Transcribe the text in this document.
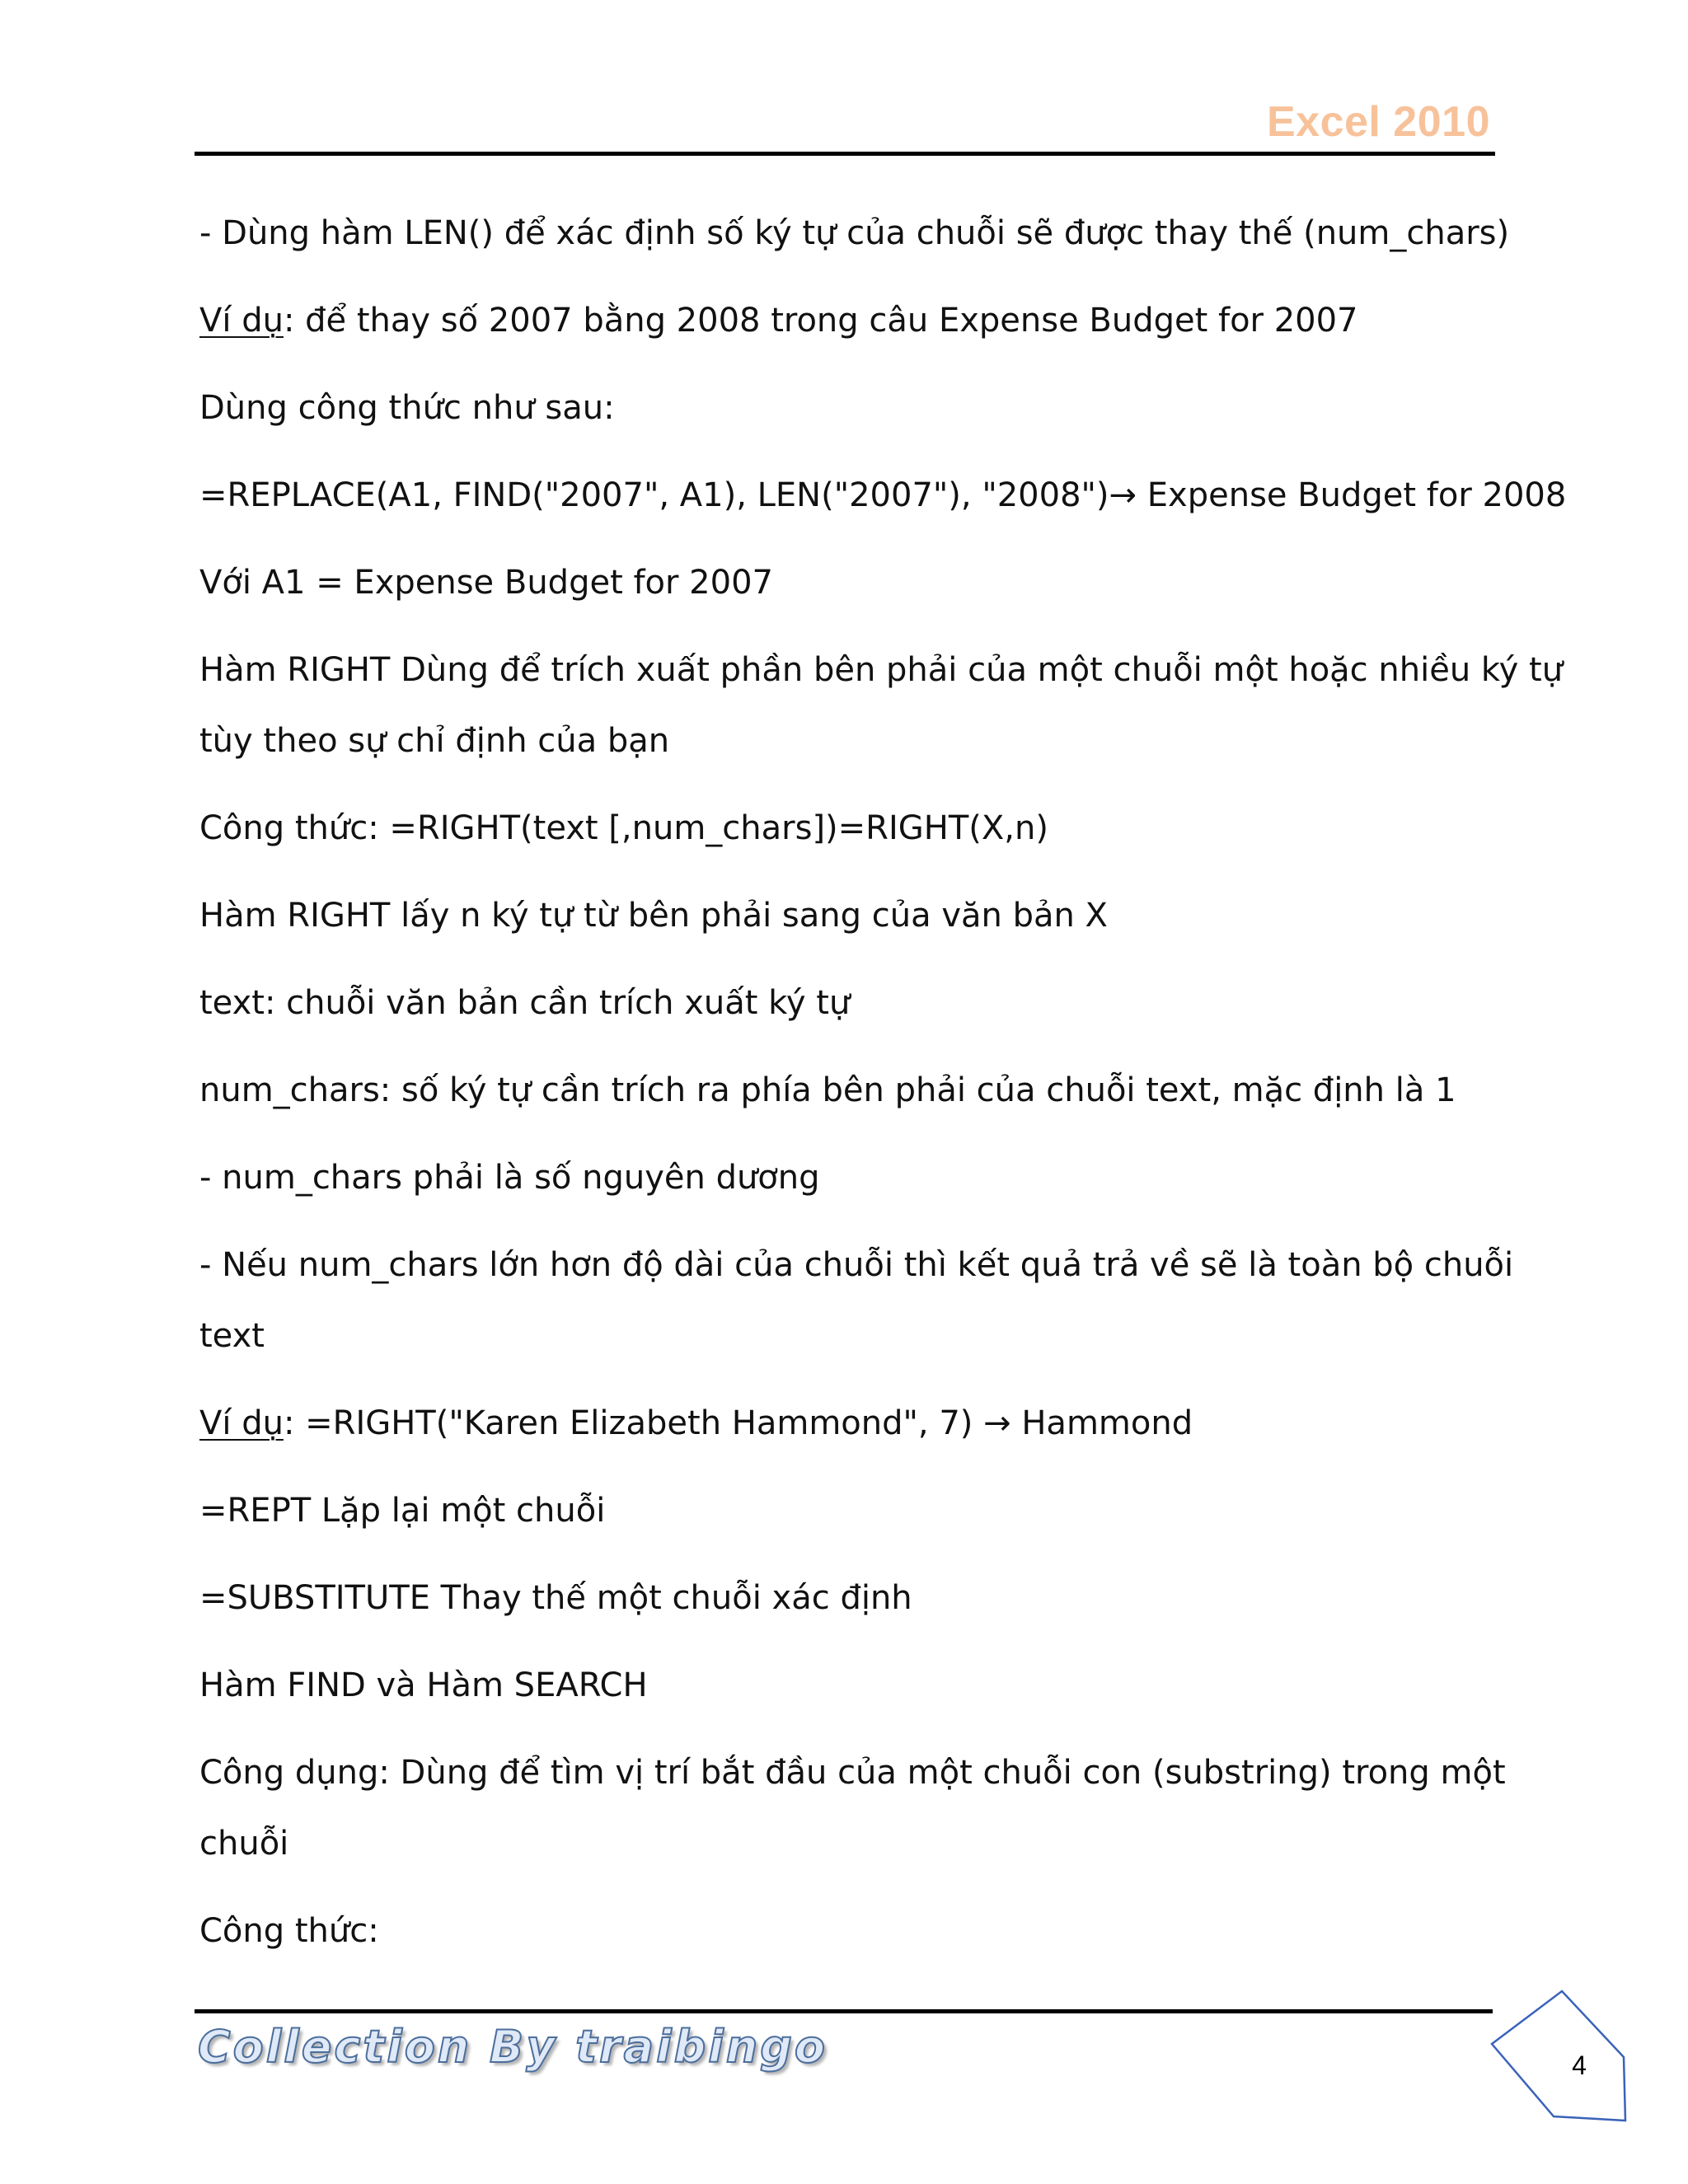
Excel 2010
- Dùng hàm LEN() để xác định số ký tự của chuỗi sẽ được thay thế (num_chars)
Ví dụ: để thay số 2007 bằng 2008 trong câu Expense Budget for 2007
Dùng công thức như sau:
=REPLACE(A1, FIND("2007", A1), LEN("2007"), "2008")→ Expense Budget for 2008
Với A1 = Expense Budget for 2007
Hàm RIGHT Dùng để trích xuất phần bên phải của một chuỗi một hoặc nhiều ký tự
tùy theo sự chỉ định của bạn
Công thức: =RIGHT(text [,num_chars])=RIGHT(X,n)
Hàm RIGHT lấy n ký tự từ bên phải sang của văn bản X
text: chuỗi văn bản cần trích xuất ký tự
num_chars: số ký tự cần trích ra phía bên phải của chuỗi text, mặc định là 1
- num_chars phải là số nguyên dương
- Nếu num_chars lớn hơn độ dài của chuỗi thì kết quả trả về sẽ là toàn bộ chuỗi
text
Ví dụ: =RIGHT("Karen Elizabeth Hammond", 7) → Hammond
=REPT Lặp lại một chuỗi
=SUBSTITUTE Thay thế một chuỗi xác định
Hàm FIND và Hàm SEARCH
Công dụng: Dùng để tìm vị trí bắt đầu của một chuỗi con (substring) trong một
chuỗi
Công thức:
Collection By traibingo	4
